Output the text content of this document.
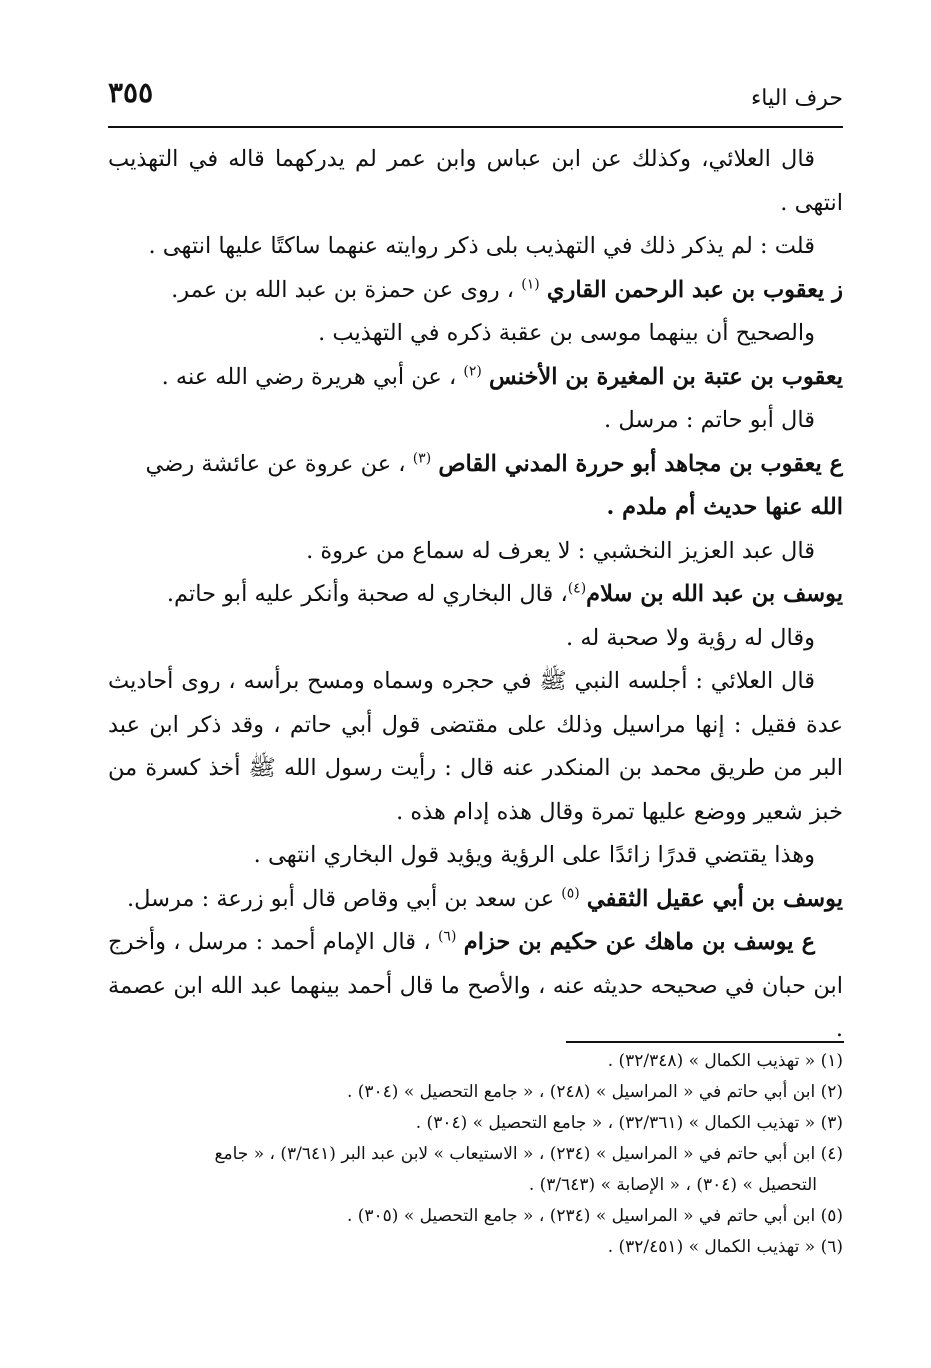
٣٥٥	حرف الياء

قال العلائي، وكذلك عن ابن عباس وابن عمر لم يدركهما قاله في التهذيب انتهى .

قلت : لم يذكر ذلك في التهذيب بلى ذكر روايته عنهما ساكتًا عليها انتهى .

ز يعقوب بن عبد الرحمن القاري $^{(١)}$ ، روى عن حمزة بن عبد الله بن عمر.

والصحيح أن بينهما موسى بن عقبة ذكره في التهذيب .

يعقوب بن عتبة بن المغيرة بن الأخنس $^{(٢)}$ ، عن أبي هريرة رضي الله عنه .

قال أبو حاتم : مرسل .

ع يعقوب بن مجاهد أبو حررة المدني القاص $^{(٣)}$ ، عن عروة عن عائشة رضي
الله عنها حديث أم ملدم .

قال عبد العزيز النخشبي : لا يعرف له سماع من عروة .

يوسف بن عبد الله بن سلام$^{(٤)}$، قال البخاري له صحبة وأنكر عليه أبو حاتم.

وقال له رؤية ولا صحبة له .

قال العلائي : أجلسه النبي ﷺ في حجره وسماه ومسح برأسه ، روى أحاديث عدة فقيل : إنها مراسيل وذلك على مقتضى قول أبي حاتم ، وقد ذكر ابن عبد البر من طريق محمد بن المنكدر عنه قال : رأيت رسول الله ﷺ أخذ كسرة من خبز شعير ووضع عليها تمرة وقال هذه إدام هذه .

وهذا يقتضي قدرًا زائدًا على الرؤية ويؤيد قول البخاري انتهى .

يوسف بن أبي عقيل الثقفي $^{(٥)}$ عن سعد بن أبي وقاص قال أبو زرعة : مرسل.

ع يوسف بن ماهك عن حكيم بن حزام $^{(٦)}$ ، قال الإمام أحمد : مرسل ، وأخرج ابن حبان في صحيحه حديثه عنه ، والأصح ما قال أحمد بينهما عبد الله ابن عصمة .

(١) « تهذيب الكمال » (٣٢/٣٤٨) .

(٢) ابن أبي حاتم في « المراسيل » (٢٤٨) ، « جامع التحصيل » (٣٠٤) .

(٣) « تهذيب الكمال » (٣٢/٣٦١) ، « جامع التحصيل » (٣٠٤) .

(٤) ابن أبي حاتم في « المراسيل » (٢٣٤) ، « الاستيعاب » لابن عبد البر (٣/٦٤١) ، « جامع

التحصيل » (٣٠٤) ، « الإصابة » (٣/٦٤٣) .

(٥) ابن أبي حاتم في « المراسيل » (٢٣٤) ، « جامع التحصيل » (٣٠٥) .

(٦) « تهذيب الكمال » (٣٢/٤٥١) .
